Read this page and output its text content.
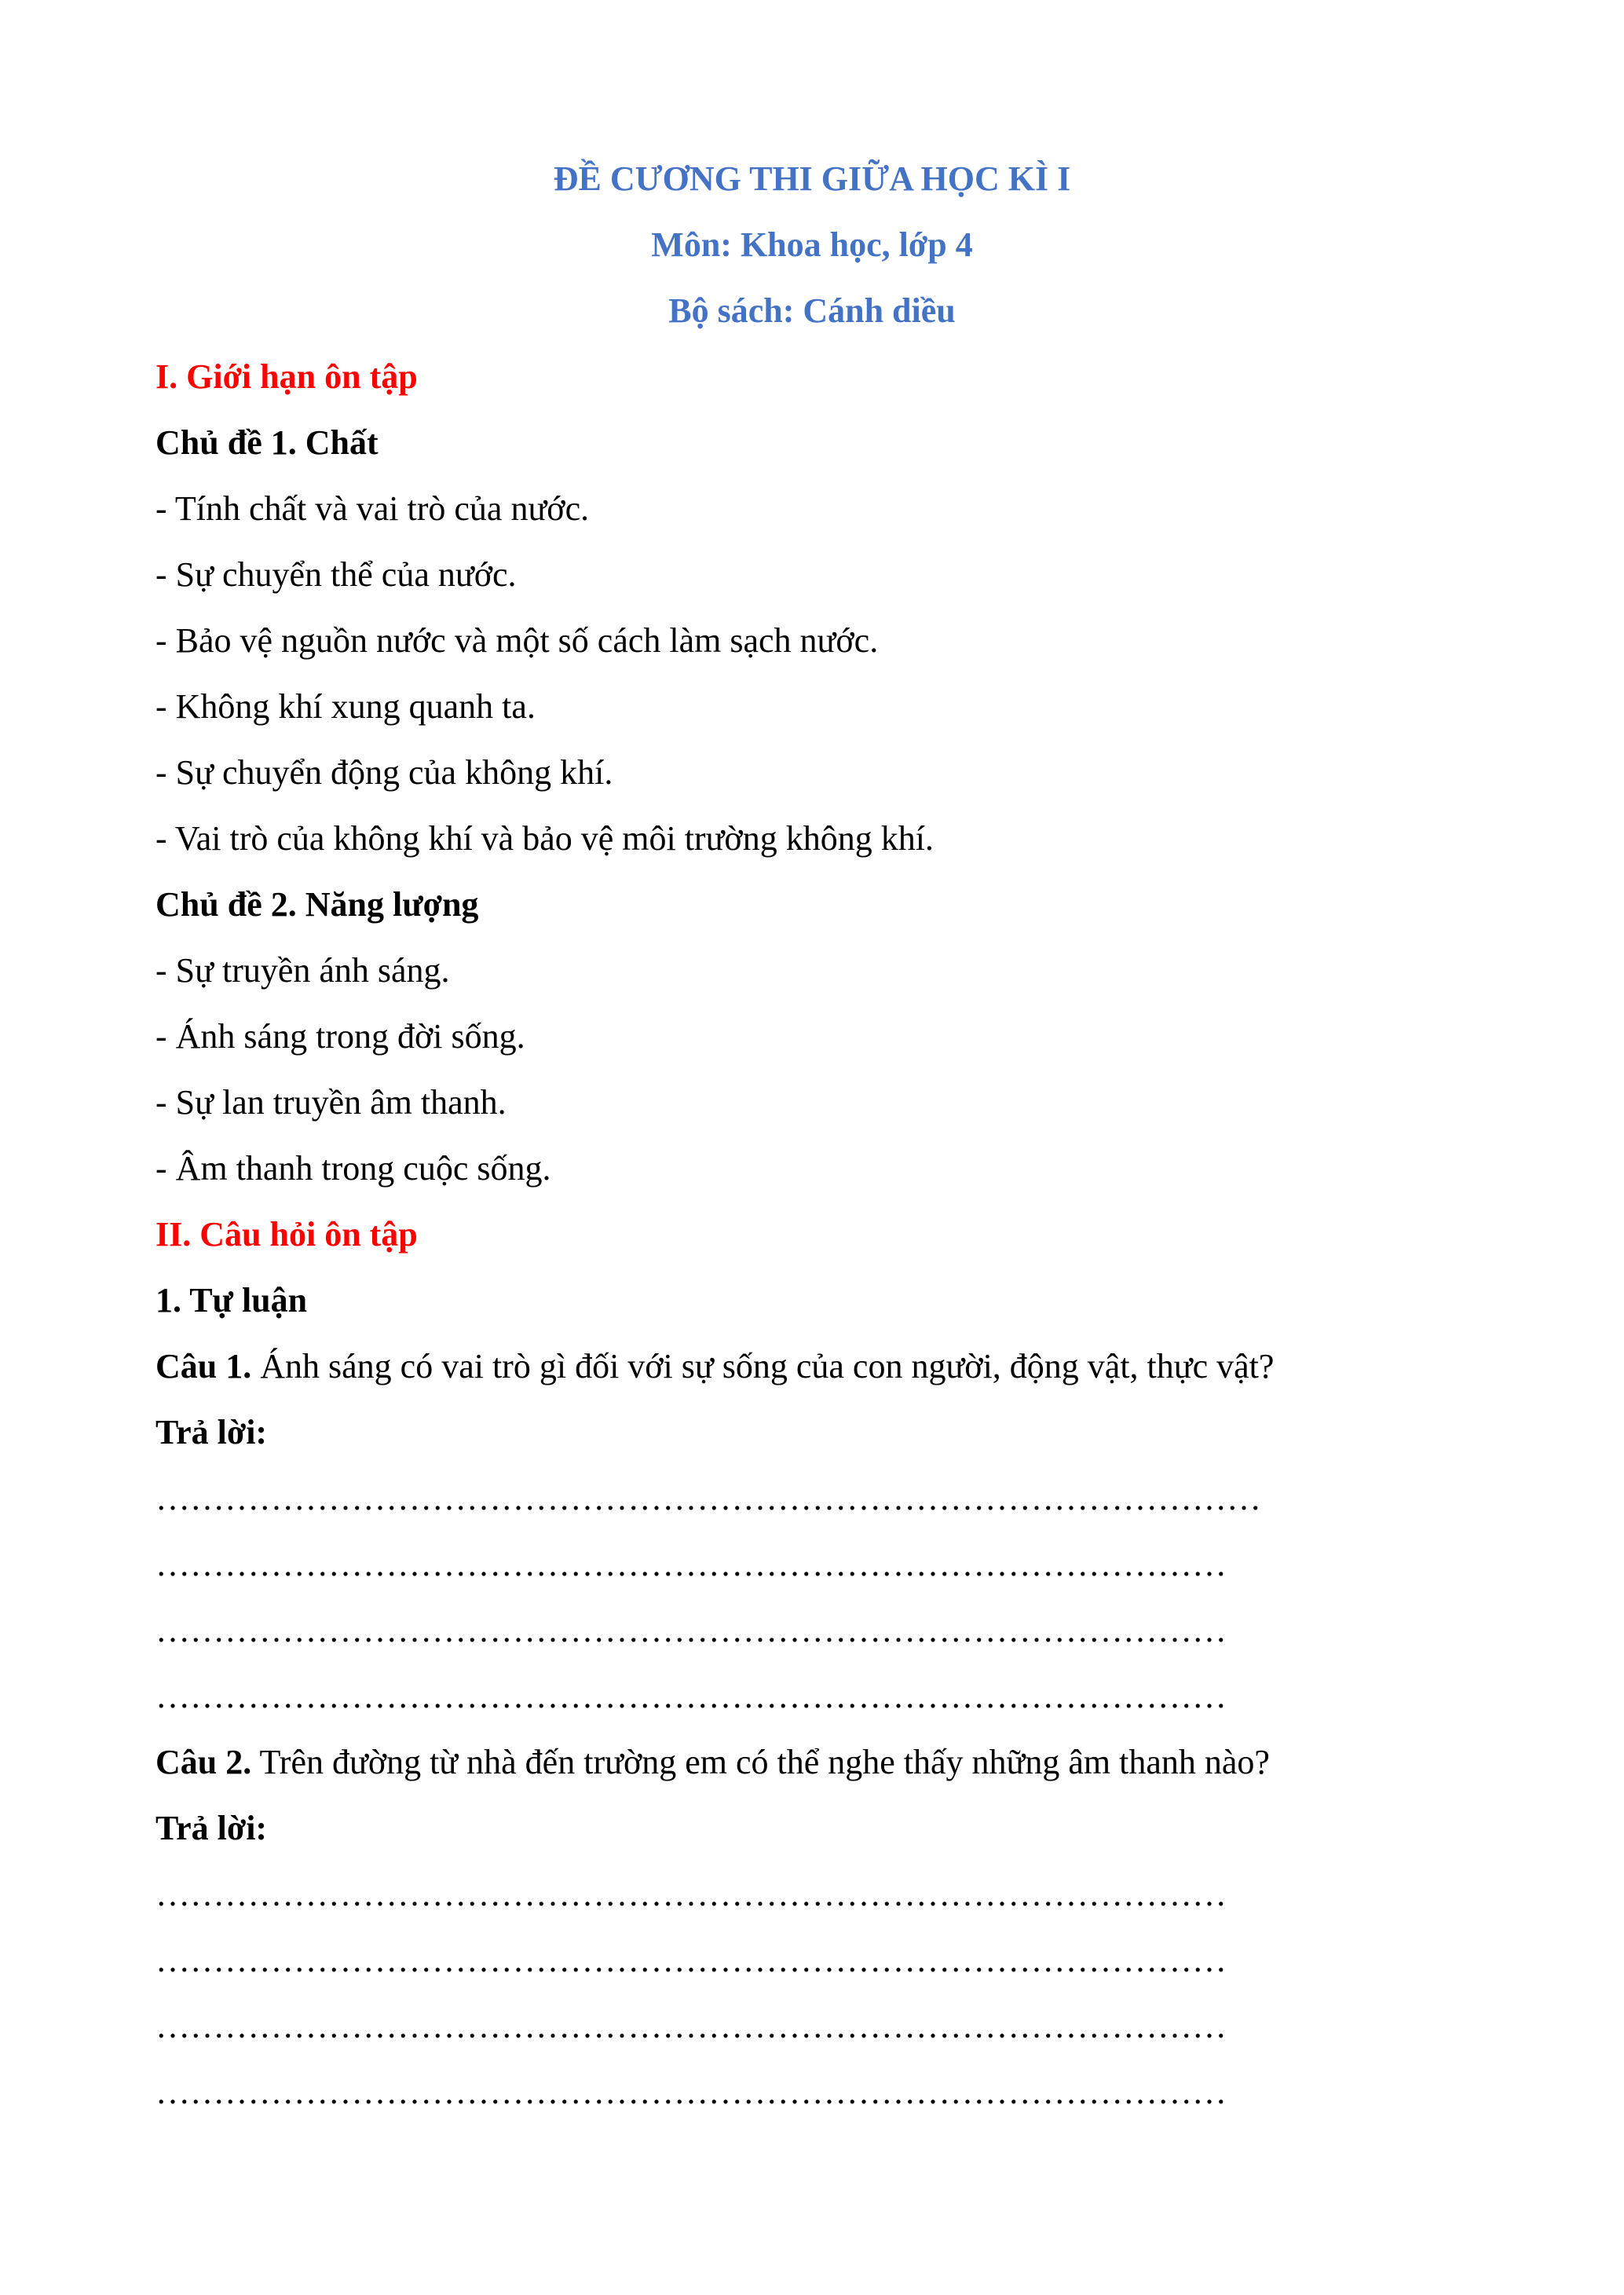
ĐỀ CƯƠNG THI GIỮA HỌC KÌ I
Môn: Khoa học, lớp 4
Bộ sách: Cánh diều
I. Giới hạn ôn tập
Chủ đề 1. Chất
- Tính chất và vai trò của nước.
- Sự chuyển thể của nước.
- Bảo vệ nguồn nước và một số cách làm sạch nước.
- Không khí xung quanh ta.
- Sự chuyển động của không khí.
- Vai trò của không khí và bảo vệ môi trường không khí.
Chủ đề 2. Năng lượng
- Sự truyền ánh sáng.
- Ánh sáng trong đời sống.
- Sự lan truyền âm thanh.
- Âm thanh trong cuộc sống.
II. Câu hỏi ôn tập
1. Tự luận
Câu 1. Ánh sáng có vai trò gì đối với sự sống của con người, động vật, thực vật?
Trả lời:
……………………………………………………………………………………
…………………………………………………………………………………
…………………………………………………………………………………
…………………………………………………………………………………
Câu 2. Trên đường từ nhà đến trường em có thể nghe thấy những âm thanh nào?
Trả lời:
…………………………………………………………………………………
…………………………………………………………………………………
…………………………………………………………………………………
…………………………………………………………………………………
